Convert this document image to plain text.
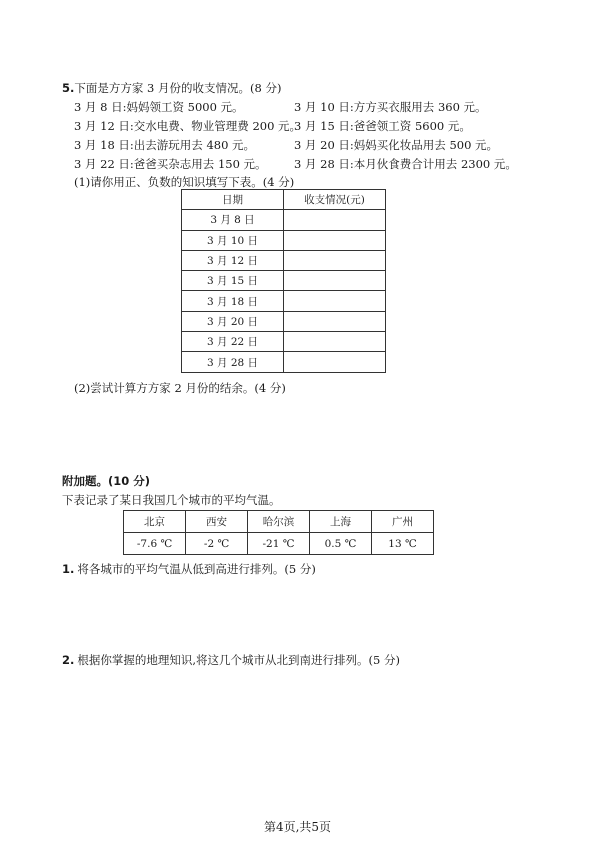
5.下面是方方家 3 月份的收支情况。(8 分)
3 月 8 日:妈妈领工资 5000 元。	3 月 10 日:方方买衣服用去 360 元。
3 月 12 日:交水电费、物业管理费 200 元。
3 月 15 日:爸爸领工资 5600 元。
3 月 18 日:出去游玩用去 480 元。	3 月 20 日:妈妈买化妆品用去 500 元。
3 月 22 日:爸爸买杂志用去 150 元。 3 月 28 日:本月伙食费合计用去 2300 元。
(1)请你用正、负数的知识填写下表。(4 分)
日期	收支情况(元)
3 月 8 日	
3 月 10 日	
3 月 12 日	
3 月 15 日	
3 月 18 日	
3 月 20 日	
3 月 22 日	
3 月 28 日	
(2)尝试计算方方家 2 月份的结余。(4 分)
附加题。(10 分)
下表记录了某日我国几个城市的平均气温。
北京	西安	哈尔滨	上海	广州
-7.6 ℃	-2 ℃	-21 ℃	0.5 ℃	13 ℃
1. 将各城市的平均气温从低到高进行排列。(5 分)
2. 根据你掌握的地理知识,将这几个城市从北到南进行排列。(5 分)
第4页,共5页
